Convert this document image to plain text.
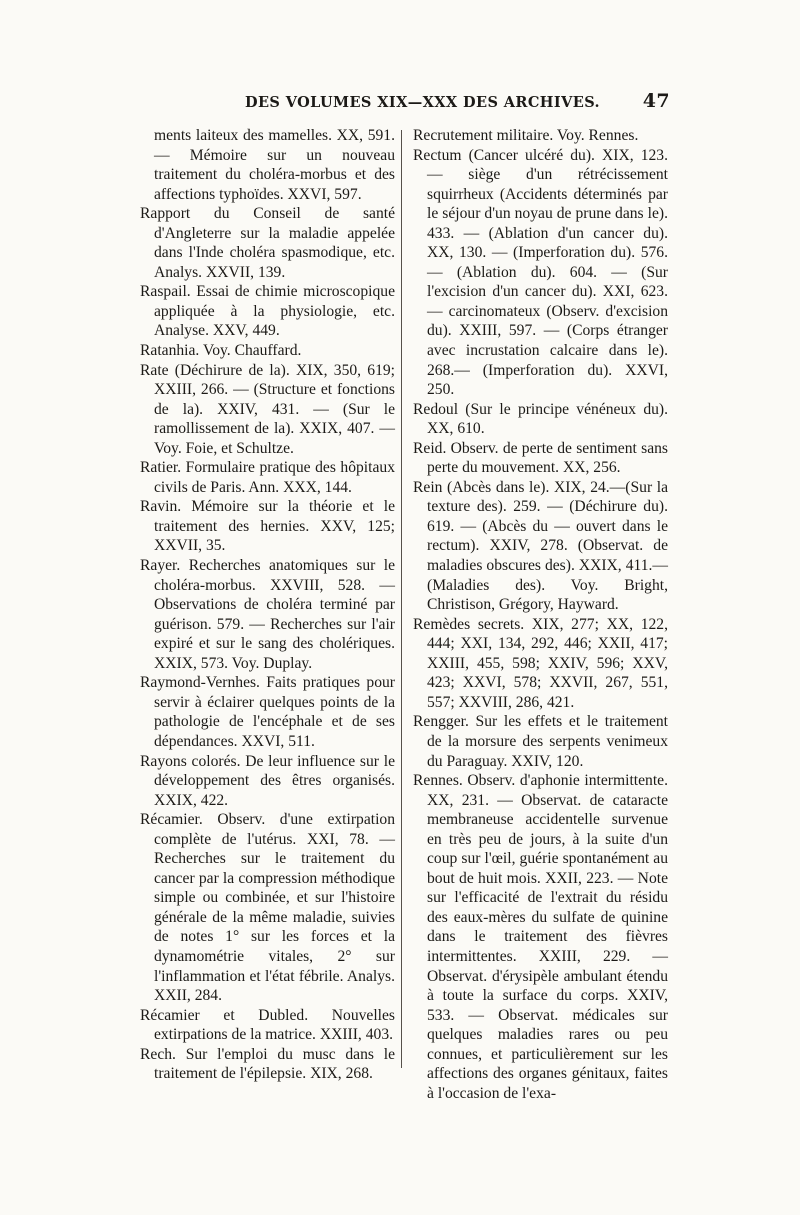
DES VOLUMES XIX—XXX DES ARCHIVES. 47

ments laiteux des mamelles. XX, 591.— Mémoire sur un nouveau traitement du choléra-morbus et des affections typhoïdes. XXVI, 597.

Rapport du Conseil de santé d'Angleterre sur la maladie appelée dans l'Inde choléra spasmodique, etc. Analys. XXVII, 139.

Raspail. Essai de chimie microscopique appliquée à la physiologie, etc. Analyse. XXV, 449.

Ratanhia. Voy. Chauffard.

Rate (Déchirure de la). XIX, 350, 619; XXIII, 266. — (Structure et fonctions de la). XXIV, 431. — (Sur le ramollissement de la). XXIX, 407. — Voy. Foie, et Schultze.

Ratier. Formulaire pratique des hôpitaux civils de Paris. Ann. XXX, 144.

Ravin. Mémoire sur la théorie et le traitement des hernies. XXV, 125; XXVII, 35.

Rayer. Recherches anatomiques sur le choléra-morbus. XXVIII, 528. — Observations de choléra terminé par guérison. 579. — Recherches sur l'air expiré et sur le sang des cholériques. XXIX, 573. Voy. Duplay.

Raymond-Vernhes. Faits pratiques pour servir à éclairer quelques points de la pathologie de l'encéphale et de ses dépendances. XXVI, 511.

Rayons colorés. De leur influence sur le développement des êtres organisés. XXIX, 422.

Récamier. Observ. d'une extirpation complète de l'utérus. XXI, 78. — Recherches sur le traitement du cancer par la compression méthodique simple ou combinée, et sur l'histoire générale de la même maladie, suivies de notes 1° sur les forces et la dynamométrie vitales, 2° sur l'inflammation et l'état fébrile. Analys. XXII, 284.

Récamier et Dubled. Nouvelles extirpations de la matrice. XXIII, 403.

Rech. Sur l'emploi du musc dans le traitement de l'épilepsie. XIX, 268.

Recrutement militaire. Voy. Rennes.

Rectum (Cancer ulcéré du). XIX, 123. — siège d'un rétrécissement squirrheux (Accidents déterminés par le séjour d'un noyau de prune dans le). 433. — (Ablation d'un cancer du). XX, 130. — (Imperforation du). 576. — (Ablation du). 604. — (Sur l'excision d'un cancer du). XXI, 623. — carcinomateux (Observ. d'excision du). XXIII, 597. — (Corps étranger avec incrustation calcaire dans le). 268.— (Imperforation du). XXVI, 250.

Redoul (Sur le principe vénéneux du). XX, 610.

Reid. Observ. de perte de sentiment sans perte du mouvement. XX, 256.

Rein (Abcès dans le). XIX, 24.—(Sur la texture des). 259. — (Déchirure du). 619. — (Abcès du — ouvert dans le rectum). XXIV, 278. (Observat. de maladies obscures des). XXIX, 411.—(Maladies des). Voy. Bright, Christison, Grégory, Hayward.

Remèdes secrets. XIX, 277; XX, 122, 444; XXI, 134, 292, 446; XXII, 417; XXIII, 455, 598; XXIV, 596; XXV, 423; XXVI, 578; XXVII, 267, 551, 557; XXVIII, 286, 421.

Rengger. Sur les effets et le traitement de la morsure des serpents venimeux du Paraguay. XXIV, 120.

Rennes. Observ. d'aphonie intermittente. XX, 231. — Observat. de cataracte membraneuse accidentelle survenue en très peu de jours, à la suite d'un coup sur l'œil, guérie spontanément au bout de huit mois. XXII, 223. — Note sur l'efficacité de l'extrait du résidu des eaux-mères du sulfate de quinine dans le traitement des fièvres intermittentes. XXIII, 229. — Observat. d'érysipèle ambulant étendu à toute la surface du corps. XXIV, 533. — Observat. médicales sur quelques maladies rares ou peu connues, et particulièrement sur les affections des organes génitaux, faites à l'occasion de l'exa-
